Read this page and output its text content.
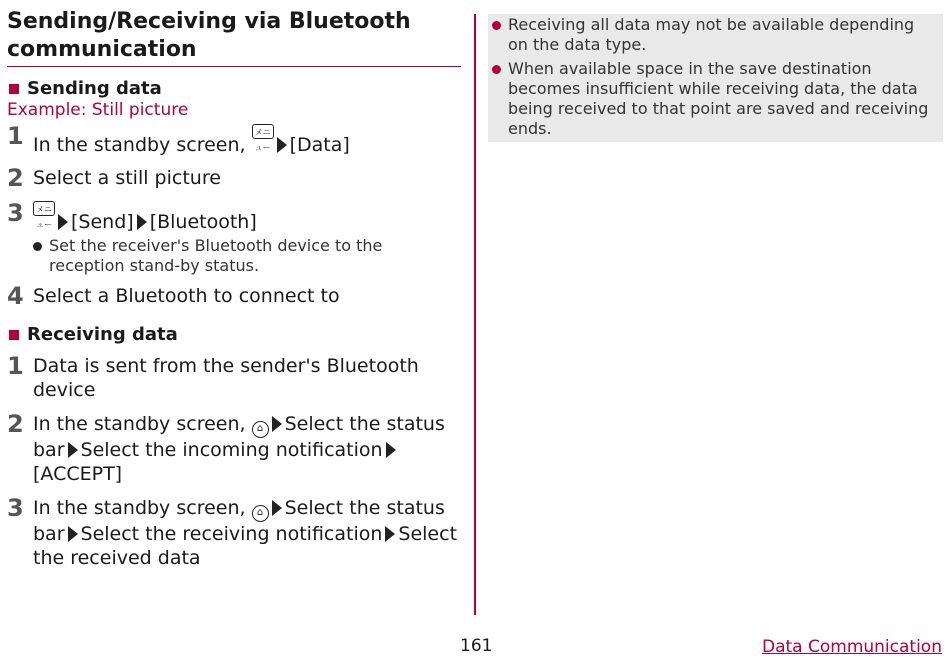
Sending/Receiving via Bluetooth communication
Sending data
Example: Still picture
1 In the standby screen, メニュー [Data]
2 Select a still picture
3	メニュー [Send] [Bluetooth]
Set the receiver's Bluetooth device to the reception stand-by status.
4 Select a Bluetooth to connect to
Receiving data
1 Data is sent from the sender's Bluetooth device
2 In the standby screen, ⌂ Select the status bar Select the incoming notification[ACCEPT]
3 In the standby screen, ⌂ Select the status bar Select the receiving notification Select the received data
Receiving all data may not be available depending on the data type.
When available space in the save destination becomes insufficient while receiving data, the data being received to that point are saved and receiving ends.
161	Data Communication
